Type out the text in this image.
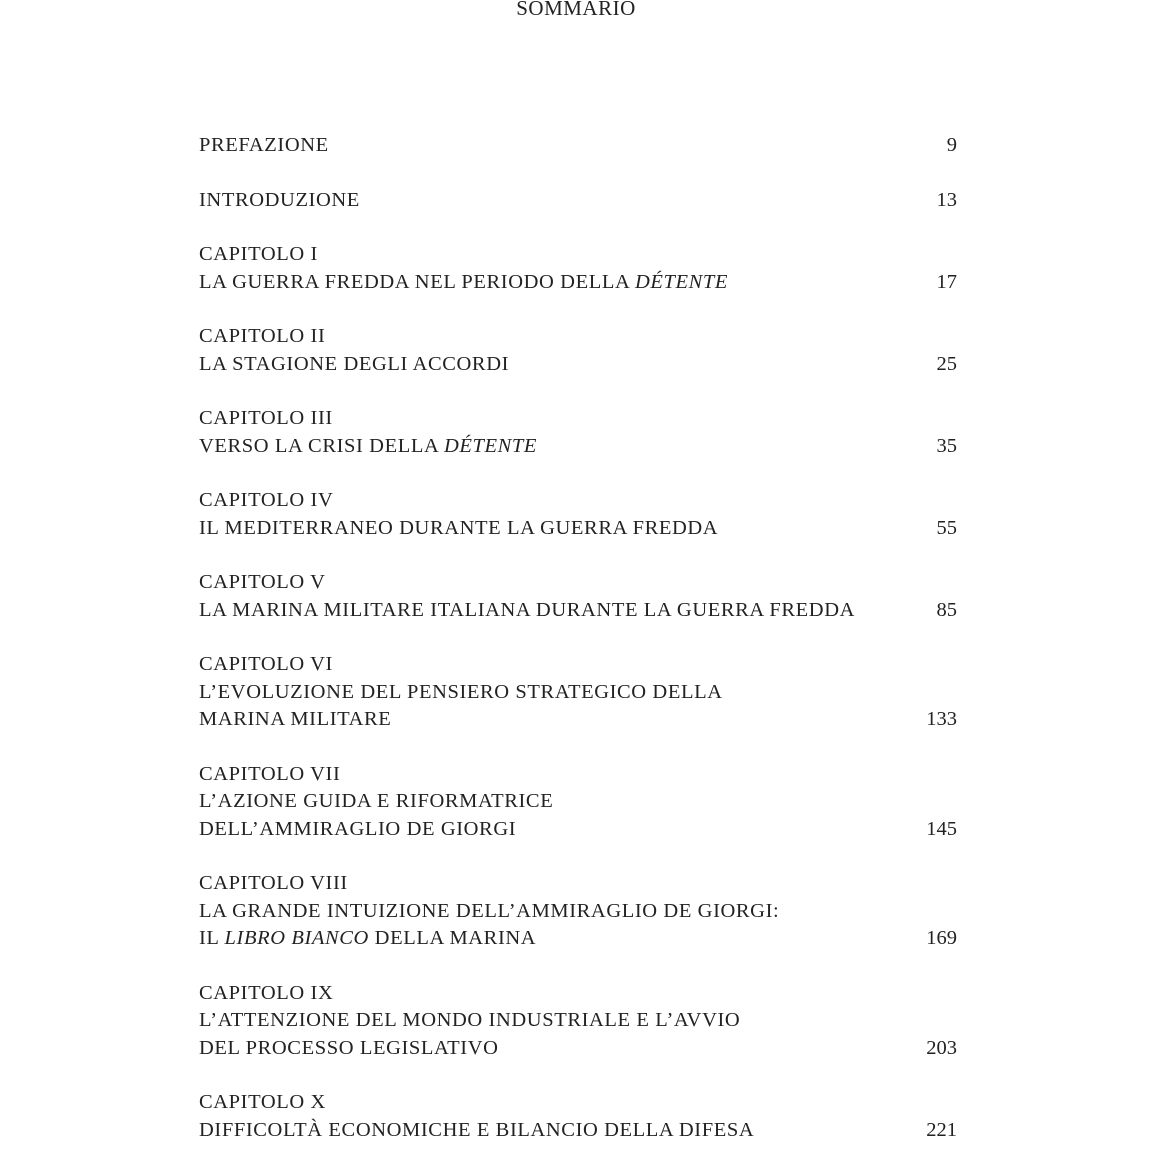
SOMMARIO
PREFAZIONE	9
INTRODUZIONE	13
CAPITOLO I
LA GUERRA FREDDA NEL PERIODO DELLA DÉTENTE	17
CAPITOLO II
LA STAGIONE DEGLI ACCORDI	25
CAPITOLO III
VERSO LA CRISI DELLA DÉTENTE	35
CAPITOLO IV
IL MEDITERRANEO DURANTE LA GUERRA FREDDA	55
CAPITOLO V
LA MARINA MILITARE ITALIANA DURANTE LA GUERRA FREDDA	85
CAPITOLO VI
L’EVOLUZIONE DEL PENSIERO STRATEGICO DELLA
MARINA MILITARE	133
CAPITOLO VII
L’AZIONE GUIDA E RIFORMATRICE
DELL’AMMIRAGLIO DE GIORGI	145
CAPITOLO VIII
LA GRANDE INTUIZIONE DELL’AMMIRAGLIO DE GIORGI:
IL LIBRO BIANCO DELLA MARINA	169
CAPITOLO IX
L’ATTENZIONE DEL MONDO INDUSTRIALE E L’AVVIO
DEL PROCESSO LEGISLATIVO	203
CAPITOLO X
DIFFICOLTÀ ECONOMICHE E BILANCIO DELLA DIFESA	221
